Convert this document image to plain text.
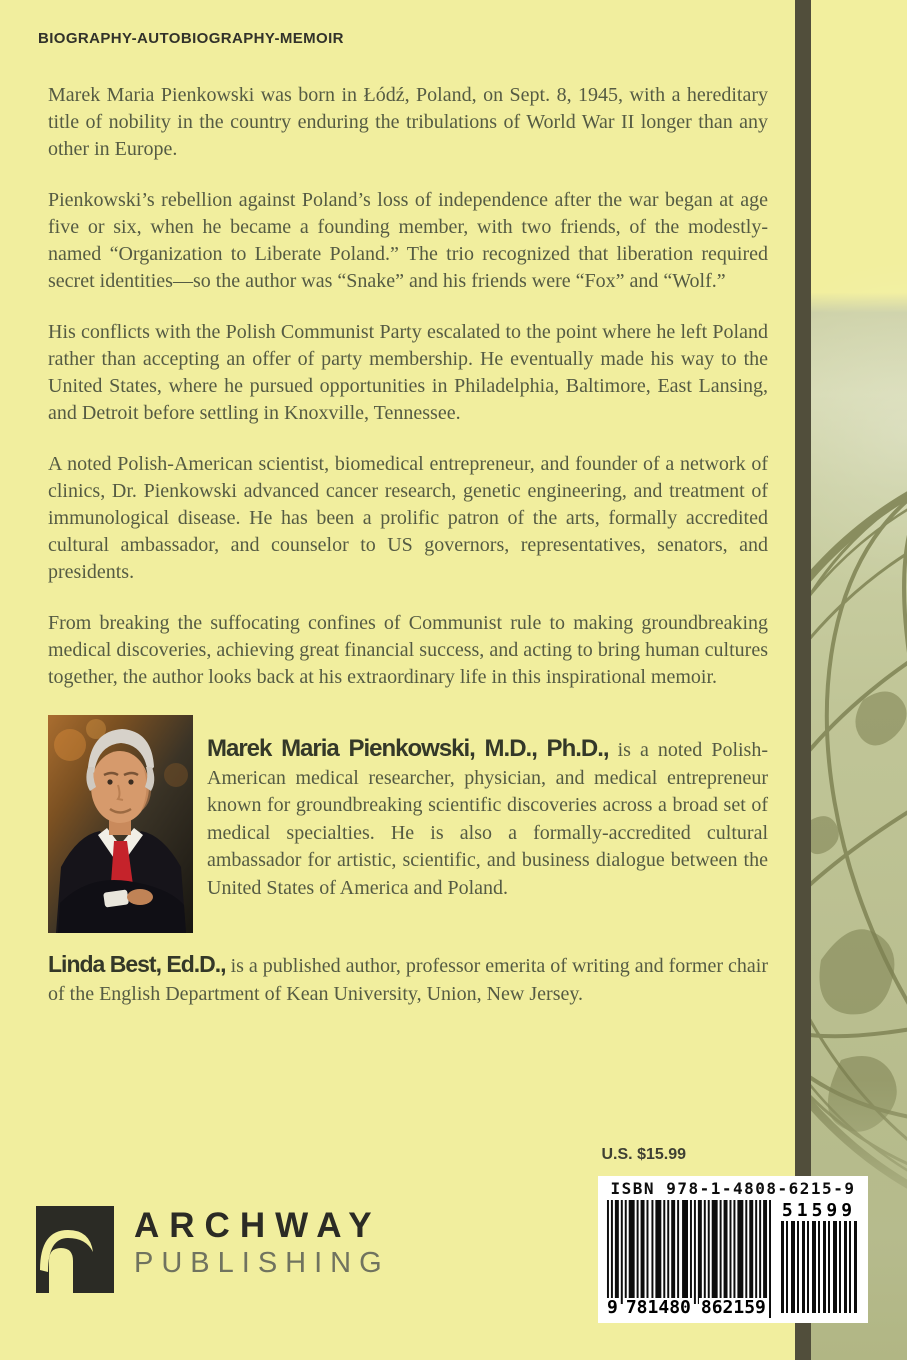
BIOGRAPHY-AUTOBIOGRAPHY-MEMOIR

Marek Maria Pienkowski was born in Łódź, Poland, on Sept. 8, 1945, with a hereditary title of nobility in the country enduring the tribulations of World War II longer than any other in Europe.

Pienkowski’s rebellion against Poland’s loss of independence after the war began at age five or six, when he became a founding member, with two friends, of the modestly-named “Organization to Liberate Poland.” The trio recognized that liberation required secret identities—so the author was “Snake” and his friends were “Fox” and “Wolf.”

His conflicts with the Polish Communist Party escalated to the point where he left Poland rather than accepting an offer of party membership. He eventually made his way to the United States, where he pursued opportunities in Philadelphia, Baltimore, East Lansing, and Detroit before settling in Knoxville, Tennessee.

A noted Polish-American scientist, biomedical entrepreneur, and founder of a network of clinics, Dr. Pienkowski advanced cancer research, genetic engineering, and treatment of immunological disease. He has been a prolific patron of the arts, formally accredited cultural ambassador, and counselor to US governors, representatives, senators, and presidents.

From breaking the suffocating confines of Communist rule to making groundbreaking medical discoveries, achieving great financial success, and acting to bring human cultures together, the author looks back at his extraordinary life in this inspirational memoir.

Marek Maria Pienkowski, M.D., Ph.D., is a noted Polish-American medical researcher, physician, and medical entrepreneur known for groundbreaking scientific discoveries across a broad set of medical specialties. He is also a formally-accredited cultural ambassador for artistic, scientific, and business dialogue between the United States of America and Poland.

Linda Best, Ed.D., is a published author, professor emerita of writing and former chair of the English Department of Kean University, Union, New Jersey.

U.S. $15.99
ISBN 978-1-4808-6215-9
9 781480 862159
51599
ARCHWAY
PUBLISHING
